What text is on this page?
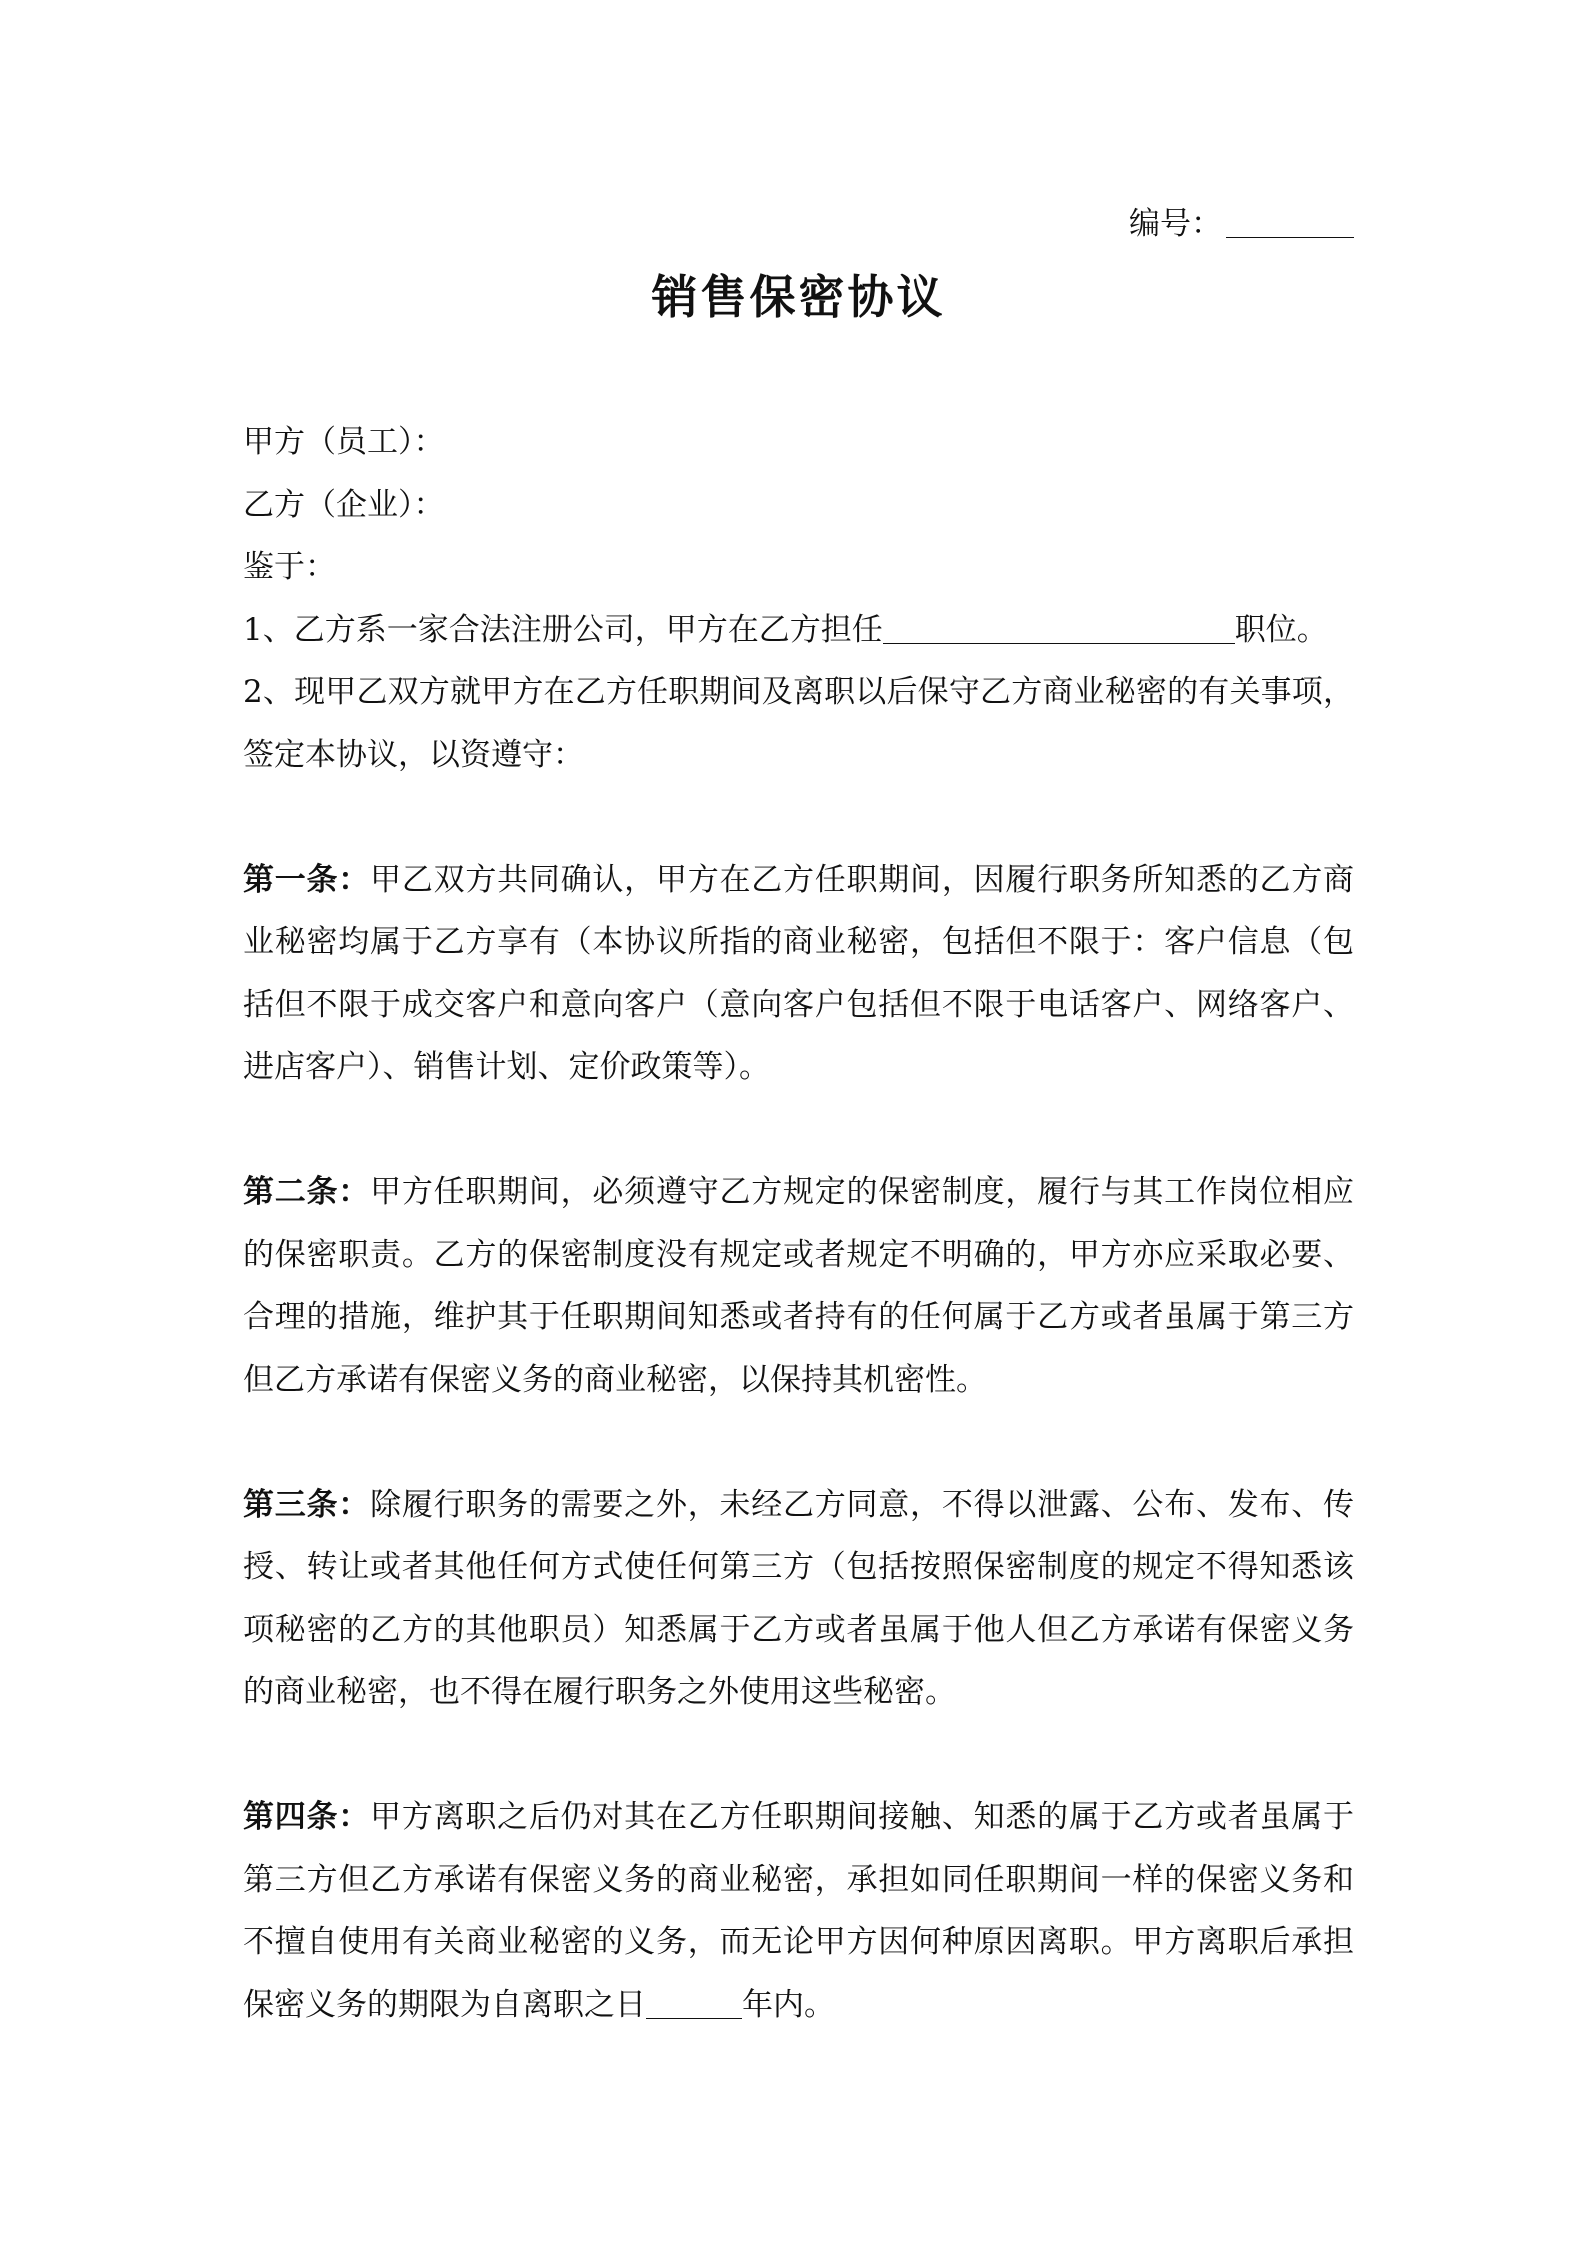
编号：
销售保密协议
甲方（员工）：
乙方（企业）：
鉴于：
1、乙方系一家合法注册公司，甲方在乙方担任	职位。
2、现甲乙双方就甲方在乙方任职期间及离职以后保守乙方商业秘密的有关事项，
签定本协议，以资遵守：
第一条：甲乙双方共同确认，甲方在乙方任职期间，因履行职务所知悉的乙方商
业秘密均属于乙方享有（本协议所指的商业秘密，包括但不限于：客户信息（包
括但不限于成交客户和意向客户（意向客户包括但不限于电话客户、网络客户、
进店客户）、销售计划、定价政策等）。
第二条：甲方任职期间，必须遵守乙方规定的保密制度，履行与其工作岗位相应
的保密职责。乙方的保密制度没有规定或者规定不明确的，甲方亦应采取必要、
合理的措施，维护其于任职期间知悉或者持有的任何属于乙方或者虽属于第三方
但乙方承诺有保密义务的商业秘密，以保持其机密性。
第三条：除履行职务的需要之外，未经乙方同意，不得以泄露、公布、发布、传
授、转让或者其他任何方式使任何第三方（包括按照保密制度的规定不得知悉该
项秘密的乙方的其他职员）知悉属于乙方或者虽属于他人但乙方承诺有保密义务
的商业秘密，也不得在履行职务之外使用这些秘密。
第四条：甲方离职之后仍对其在乙方任职期间接触、知悉的属于乙方或者虽属于
第三方但乙方承诺有保密义务的商业秘密，承担如同任职期间一样的保密义务和
不擅自使用有关商业秘密的义务，而无论甲方因何种原因离职。甲方离职后承担
保密义务的期限为自离职之日	年内。
